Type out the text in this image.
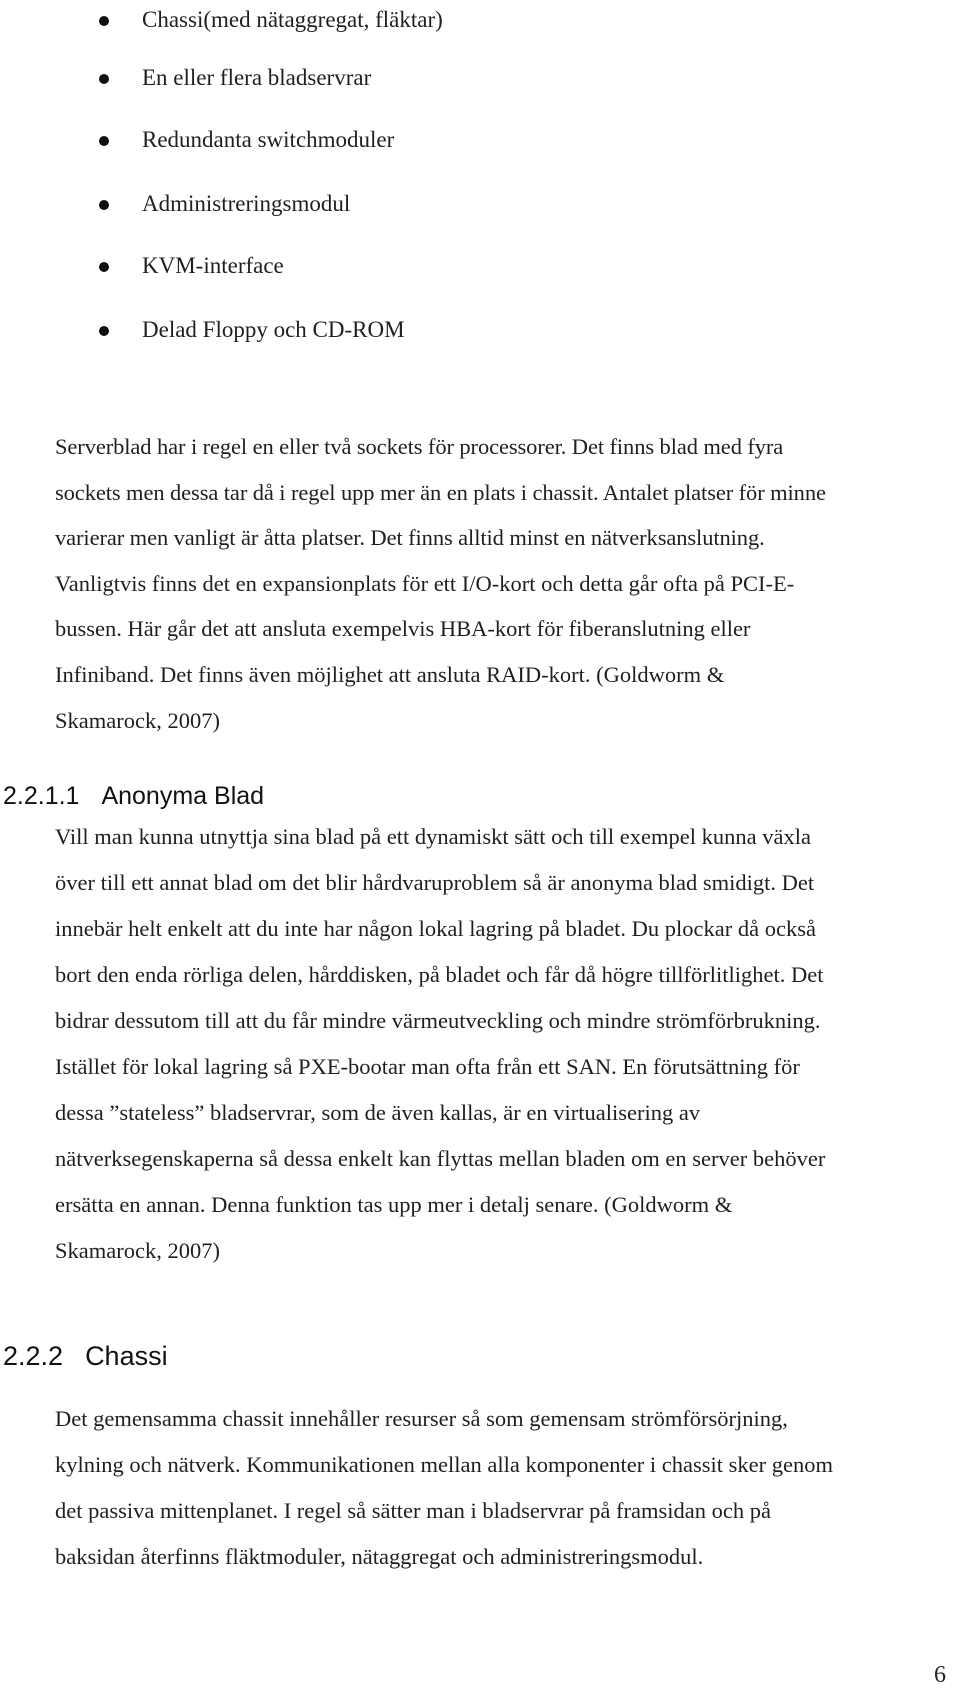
Chassi(med nätaggregat, fläktar)
En eller flera bladservrar
Redundanta switchmoduler
Administreringsmodul
KVM-interface
Delad Floppy och CD-ROM

Serverblad har i regel en eller två sockets för processorer. Det finns blad med fyra
sockets men dessa tar då i regel upp mer än en plats i chassit. Antalet platser för minne
varierar men vanligt är åtta platser. Det finns alltid minst en nätverksanslutning.
Vanligtvis finns det en expansionplats för ett I/O-kort och detta går ofta på PCI-E-
bussen. Här går det att ansluta exempelvis HBA-kort för fiberanslutning eller
Infiniband. Det finns även möjlighet att ansluta RAID-kort. (Goldworm &
Skamarock, 2007)

2.2.1.1 Anonyma Blad

Vill man kunna utnyttja sina blad på ett dynamiskt sätt och till exempel kunna växla
över till ett annat blad om det blir hårdvaruproblem så är anonyma blad smidigt. Det
innebär helt enkelt att du inte har någon lokal lagring på bladet. Du plockar då också
bort den enda rörliga delen, hårddisken, på bladet och får då högre tillförlitlighet. Det
bidrar dessutom till att du får mindre värmeutveckling och mindre strömförbrukning.
Istället för lokal lagring så PXE-bootar man ofta från ett SAN. En förutsättning för
dessa ”stateless” bladservrar, som de även kallas, är en virtualisering av
nätverksegenskaperna så dessa enkelt kan flyttas mellan bladen om en server behöver
ersätta en annan. Denna funktion tas upp mer i detalj senare. (Goldworm &
Skamarock, 2007)

2.2.2 Chassi

Det gemensamma chassit innehåller resurser så som gemensam strömförsörjning,
kylning och nätverk. Kommunikationen mellan alla komponenter i chassit sker genom
det passiva mittenplanet. I regel så sätter man i bladservrar på framsidan och på
baksidan återfinns fläktmoduler, nätaggregat och administreringsmodul.

6
